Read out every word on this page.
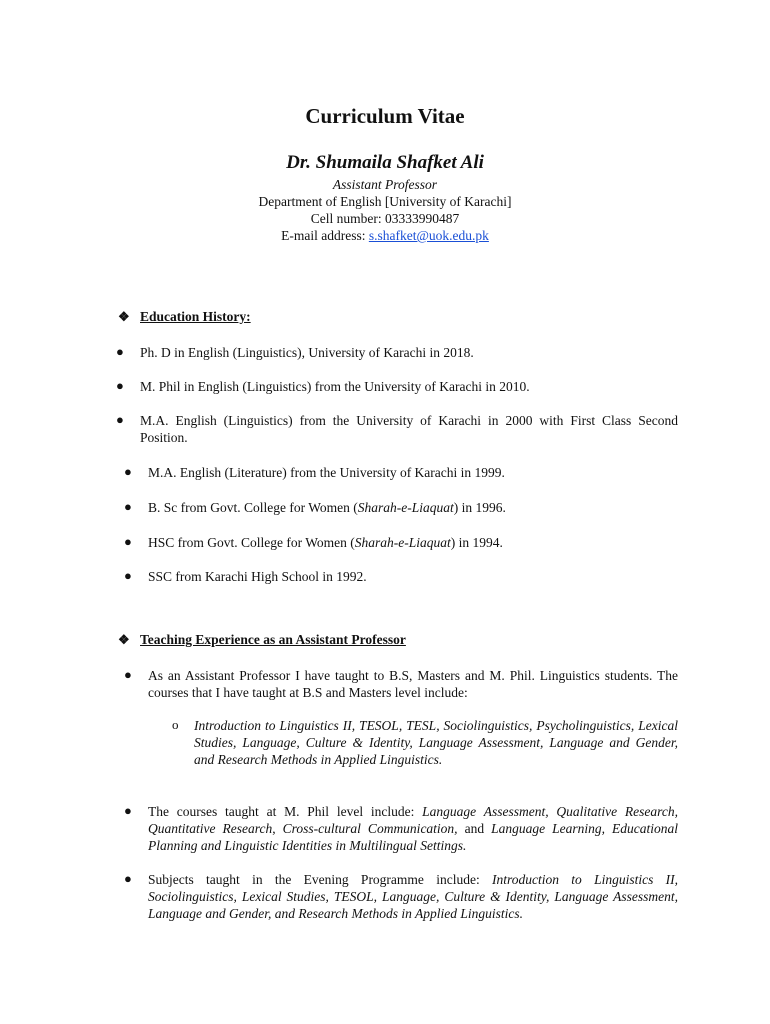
Curriculum Vitae
Dr. Shumaila Shafket Ali
Assistant Professor
Department of English [University of Karachi]
Cell number: 03333990487
E-mail address: s.shafket@uok.edu.pk
❖ Education History:
● Ph. D in English (Linguistics), University of Karachi in 2018.
● M. Phil in English (Linguistics) from the University of Karachi in 2010.
● M.A. English (Linguistics) from the University of Karachi in 2000 with First Class Second Position.
● M.A. English (Literature) from the University of Karachi in 1999.
● B. Sc from Govt. College for Women (Sharah-e-Liaquat) in 1996.
● HSC from Govt. College for Women (Sharah-e-Liaquat) in 1994.
● SSC from Karachi High School in 1992.
❖ Teaching Experience as an Assistant Professor
● As an Assistant Professor I have taught to B.S, Masters and M. Phil. Linguistics students. The courses that I have taught at B.S and Masters level include:
o Introduction to Linguistics II, TESOL, TESL, Sociolinguistics, Psycholinguistics, Lexical Studies, Language, Culture & Identity, Language Assessment, Language and Gender, and Research Methods in Applied Linguistics.
● The courses taught at M. Phil level include: Language Assessment, Qualitative Research, Quantitative Research, Cross-cultural Communication, and Language Learning, Educational Planning and Linguistic Identities in Multilingual Settings.
● Subjects taught in the Evening Programme include: Introduction to Linguistics II, Sociolinguistics, Lexical Studies, TESOL, Language, Culture & Identity, Language Assessment, Language and Gender, and Research Methods in Applied Linguistics.
